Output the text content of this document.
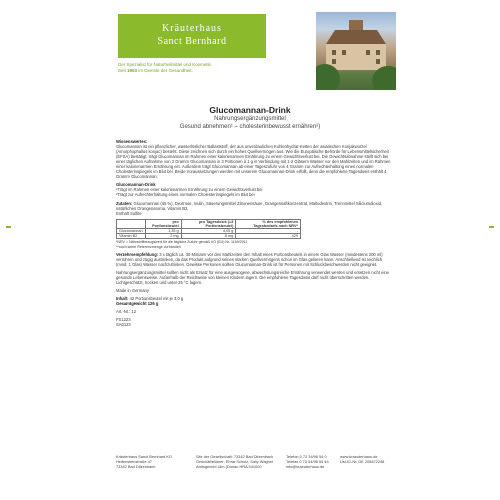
Kräuterhaus
Sanct Bernhard
Der Spezialist für Naturheilmittel und Kosmetik.
Seit 1903 im Dienste der Gesundheit.
Glucomannan-Drink
Nahrungsergänzungsmittel
Gesund abnehmen¹ – cholesterinbewusst ernähren²)

Wissenswertes:
Glucomannan ist ein pflanzlicher, wasserlöslicher Ballaststoff, der aus unverdaulichen Kohlenhydrat-Ketten der asiatischen Konjakwurzel (Amorphophallus konjac) besteht. Diese zeichnen sich durch ein hohes Quellvermögen aus. Wie die Europäische Behörde für Lebensmittelsicherheit (EFSA) bestätigt, trägt Glucomannan im Rahmen einer kalorienarmen Ernährung zu einem Gewichtsverlust bei. Die Gewichtsabnahme stellt sich bei einer täglichen Aufnahme von 3 Gramm Glucomannan in 3 Portionen à 1 g in Verbindung mit 1-2 Gläsern Wasser vor den Mahlzeiten und im Rahmen einer kalorienarmen Ernährung ein. Außerdem trägt Glucomannan ab einer Tageszufuhr von 4 Gramm zur Aufrechterhaltung eines normalen Cholesterinspiegels im Blut bei. Beide Voraussetzungen werden mit unserem Glucomannan-Drink erfüllt, denn die empfohlene Tagesdosis enthält 4 Gramm Glucomannan.

Glucomannan-Drink
¹Trägt im Rahmen einer kalorienarmen Ernährung zu einem Gewichtsverlust bei
²Trägt zur Aufrechterhaltung eines normalen Cholesterinspiegels im Blut bei

Zutaten: Glucomannan (45 %), Dextrose, Inulin, Säuerungsmittel Zitronensäure, Orangensaftkonzentrat, Maltodextrin, Trennmittel Siliciumdioxid, natürliches Orangenaroma, Vitamin B2.
Enthält Sulfite

	pro Portionsbeutel	pro Tagesdosis (=3 Portionsbeutel)	% des empfohlenen Tagesbedarfs nach NRV*
Glucomannan	1,35 g	4,05 g	-
Vitamin B2	2 mg	6 mg	429

*NRV = Nährstoffbezugswert für die tägliche Zufuhr gemäß VO (EU) Nr. 1169/2011
**noch keine Referenzmenge vorhanden

Verzehrsempfehlung: 3 x täglich ca. 30 Minuten vor den Mahlzeiten den Inhalt eines Portionsbeutels in einem Glas Wasser (mindestens 200 ml) verrühren und zügig austrinken, da das Produkt aufgrund seines starken Quellvermögens schon im Glas gelieren kann. Anschließend ist reichlich (mind. 1 Glas) Wasser nachzutrinken. Gewisse Personen sollten Glucomannan-Drink ist für Personen mit Schluckbeschwerden nicht geeignet.

Nahrungsergänzungsmittel sollten nicht als Ersatz für eine ausgewogene, abwechslungsreiche Ernährung verwendet werden und ersetzen nicht eine gesunde Lebensweise. Außerhalb der Reichweite von kleinen Kindern lagern. Die empfohlene Tagesdosis darf nicht überschritten werden. Lichtgeschützt, trocken und unter 25 °C lagern.

Made in Germany

Inhalt: 42 Portionsbeutel mit je 3,0 g
Gesamtgewicht 126 g

Art.-Nr.: 12

FS1223
SA0123

Kräuterhaus Sanct Bernhard KG
Helfensteinstraße 47
73342 Bad Ditzenbach
Sitz der Gesellschaft: 73342 Bad Ditzenbach
Geschäftsführer: Ehrar Schulz, Sally Wagner
Amtsgericht Ulm (Donau HRA 541000
Telefon 0 73 34/96 54 0
Telefax 0 73 34/96 54 44
info@kraeuterhaus.de
www.kraeuterhaus.de
Ust-ID-Nr. DE 205872248
